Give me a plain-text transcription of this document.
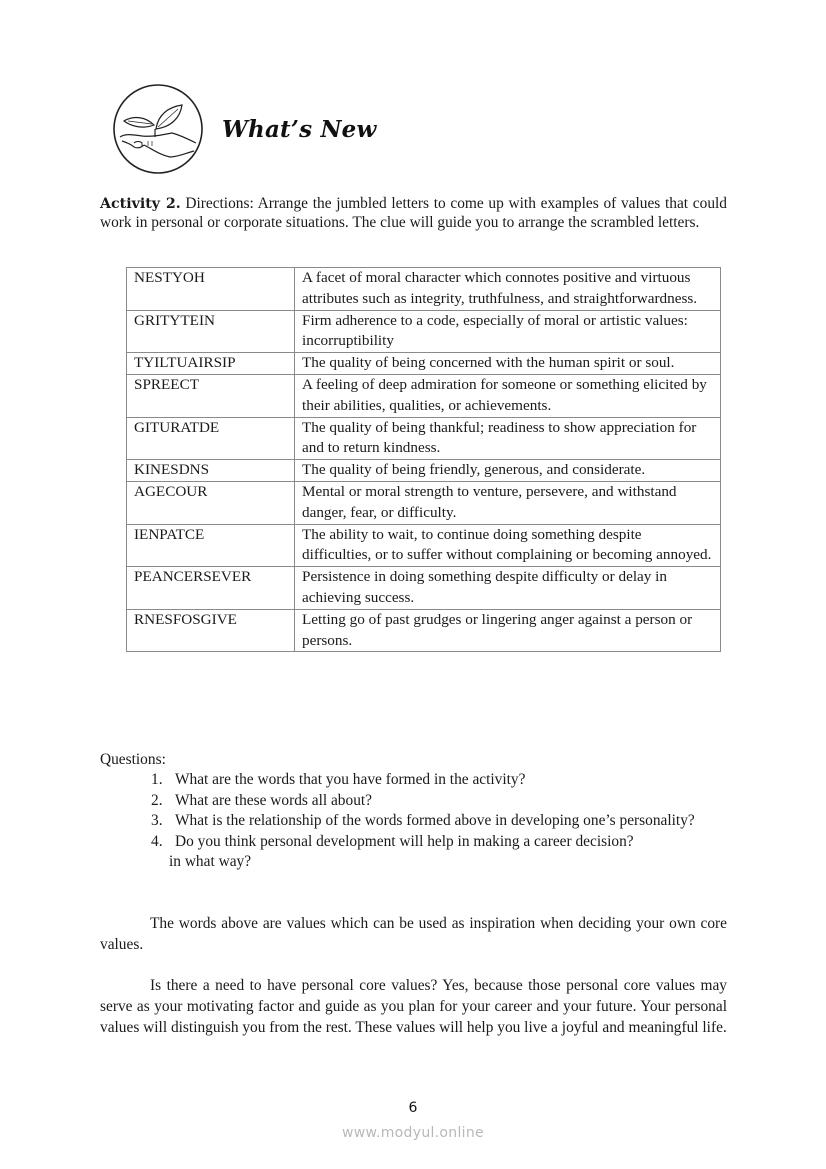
What’s New
Activity 2. Directions: Arrange the jumbled letters to come up with examples of values that could work in personal or corporate situations. The clue will guide you to arrange the scrambled letters.
NESTYOH	A facet of moral character which connotes positive and virtuous attributes such as integrity, truthfulness, and straightforwardness.
GRITYTEIN	Firm adherence to a code, especially of moral or artistic values: incorruptibility
TYILTUAIRSIP	The quality of being concerned with the human spirit or soul.
SPREECT	A feeling of deep admiration for someone or something elicited by their abilities, qualities, or achievements.
GITURATDE	The quality of being thankful; readiness to show appreciation for and to return kindness.
KINESDNS	The quality of being friendly, generous, and considerate.
AGECOUR	Mental or moral strength to venture, persevere, and withstand danger, fear, or difficulty.
IENPATCE	The ability to wait, to continue doing something despite difficulties, or to suffer without complaining or becoming annoyed.
PEANCERSEVER	Persistence in doing something despite difficulty or delay in achieving success.
RNESFOSGIVE	Letting go of past grudges or lingering anger against a person or persons.
Questions:
1. What are the words that you have formed in the activity?
2. What are these words all about?
3. What is the relationship of the words formed above in developing one’s personality?
4. Do you think personal development will help in making a career decision?
in what way?
The words above are values which can be used as inspiration when deciding your own core values.
Is there a need to have personal core values? Yes, because those personal core values may serve as your motivating factor and guide as you plan for your career and your future. Your personal values will distinguish you from the rest. These values will help you live a joyful and meaningful life.
6
www.modyul.online
